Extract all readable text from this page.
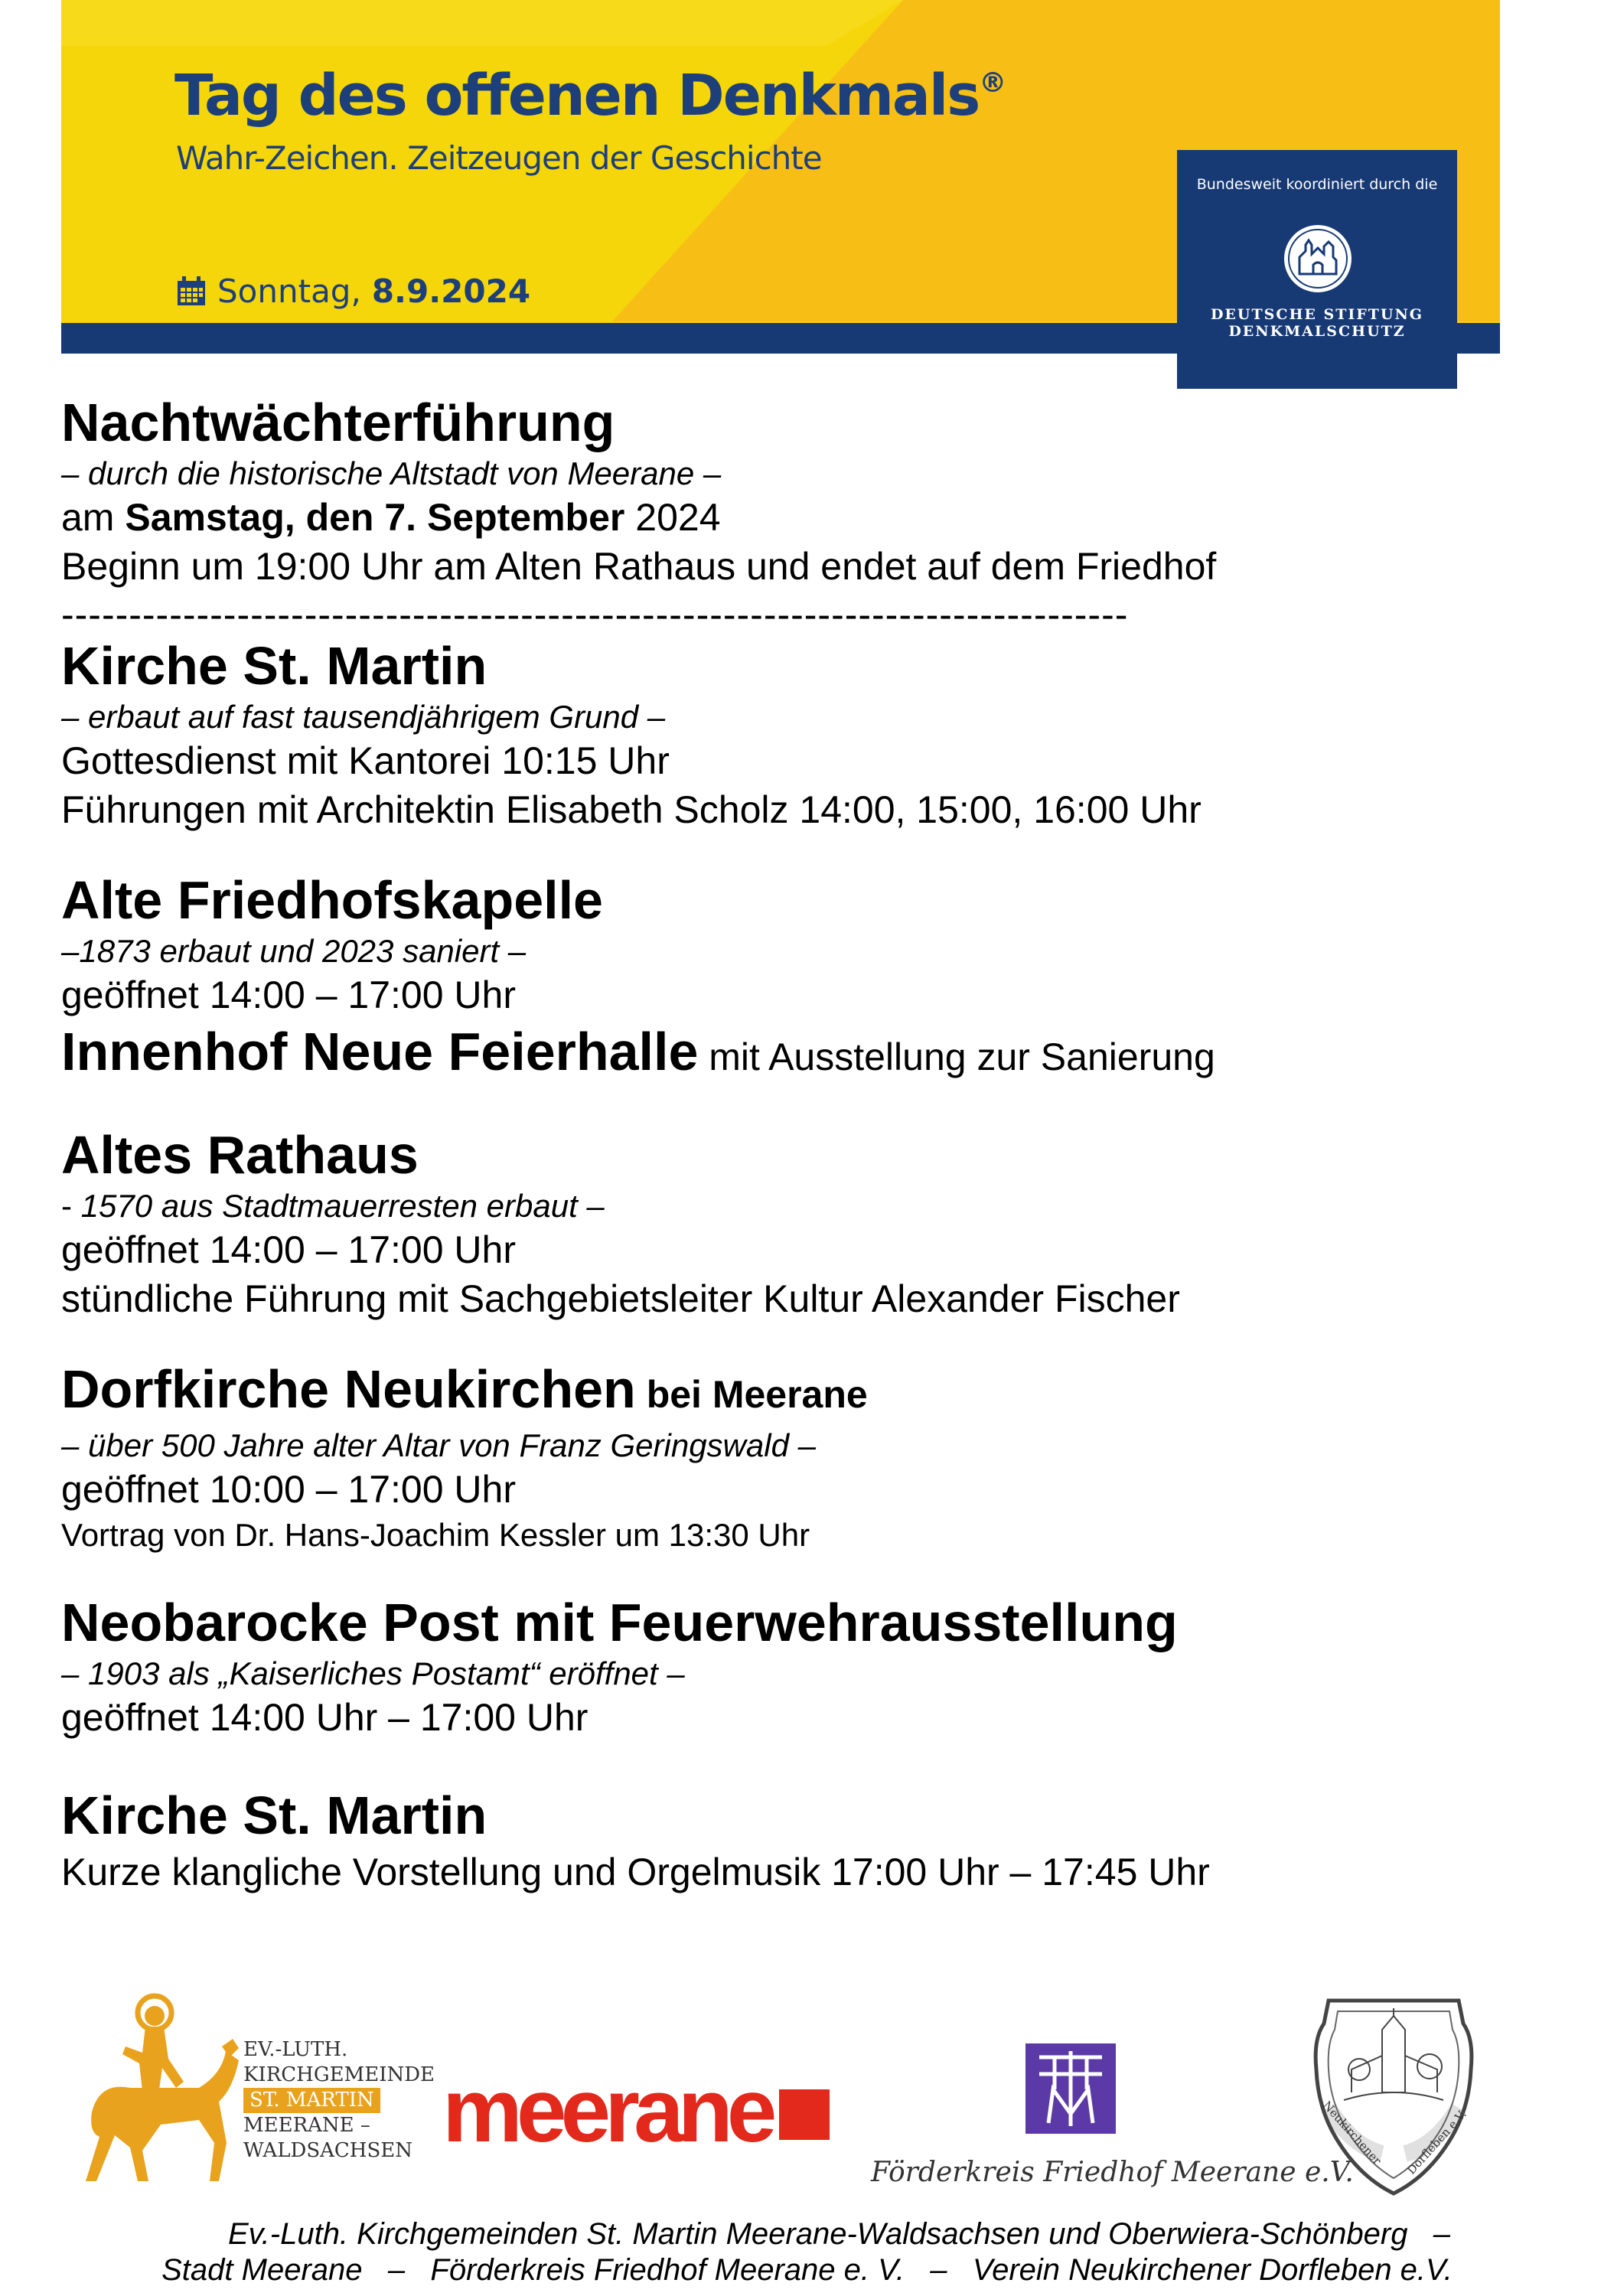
Tag des offenen Denkmals®
Wahr-Zeichen. Zeitzeugen der Geschichte
Sonntag, 8.9.2024
Bundesweit koordiniert durch die
DEUTSCHE STIFTUNG
DENKMALSCHUTZ
Nachtwächterführung
– durch die historische Altstadt von Meerane –
am Samstag, den 7. September 2024
Beginn um 19:00 Uhr am Alten Rathaus und endet auf dem Friedhof
-------------------------------------------------------------------------------
Kirche St. Martin
– erbaut auf fast tausendjährigem Grund –
Gottesdienst mit Kantorei 10:15 Uhr
Führungen mit Architektin Elisabeth Scholz 14:00, 15:00, 16:00 Uhr
Alte Friedhofskapelle
–1873 erbaut und 2023 saniert –
geöffnet 14:00 – 17:00 Uhr
Innenhof Neue Feierhalle mit Ausstellung zur Sanierung
Altes Rathaus
- 1570 aus Stadtmauerresten erbaut –
geöffnet 14:00 – 17:00 Uhr
stündliche Führung mit Sachgebietsleiter Kultur Alexander Fischer
Dorfkirche Neukirchen bei Meerane
– über 500 Jahre alter Altar von Franz Geringswald –
geöffnet 10:00 – 17:00 Uhr
Vortrag von Dr. Hans-Joachim Kessler um 13:30 Uhr
Neobarocke Post mit Feuerwehrausstellung
– 1903 als „Kaiserliches Postamt“ eröffnet –
geöffnet 14:00 Uhr – 17:00 Uhr
Kirche St. Martin
Kurze klangliche Vorstellung und Orgelmusik 17:00 Uhr – 17:45 Uhr
EV.-LUTH.
KIRCHGEMEINDE
ST. MARTIN
MEERANE –
WALDSACHSEN meerane
Förderkreis Friedhof Meerane e.V.
Neukirchener Dorfleben e.V.
Ev.-Luth. Kirchgemeinden St. Martin Meerane-Waldsachsen und Oberwiera-Schönberg   –
Stadt Meerane   –   Förderkreis Friedhof Meerane e. V.   –   Verein Neukirchener Dorfleben e.V.
